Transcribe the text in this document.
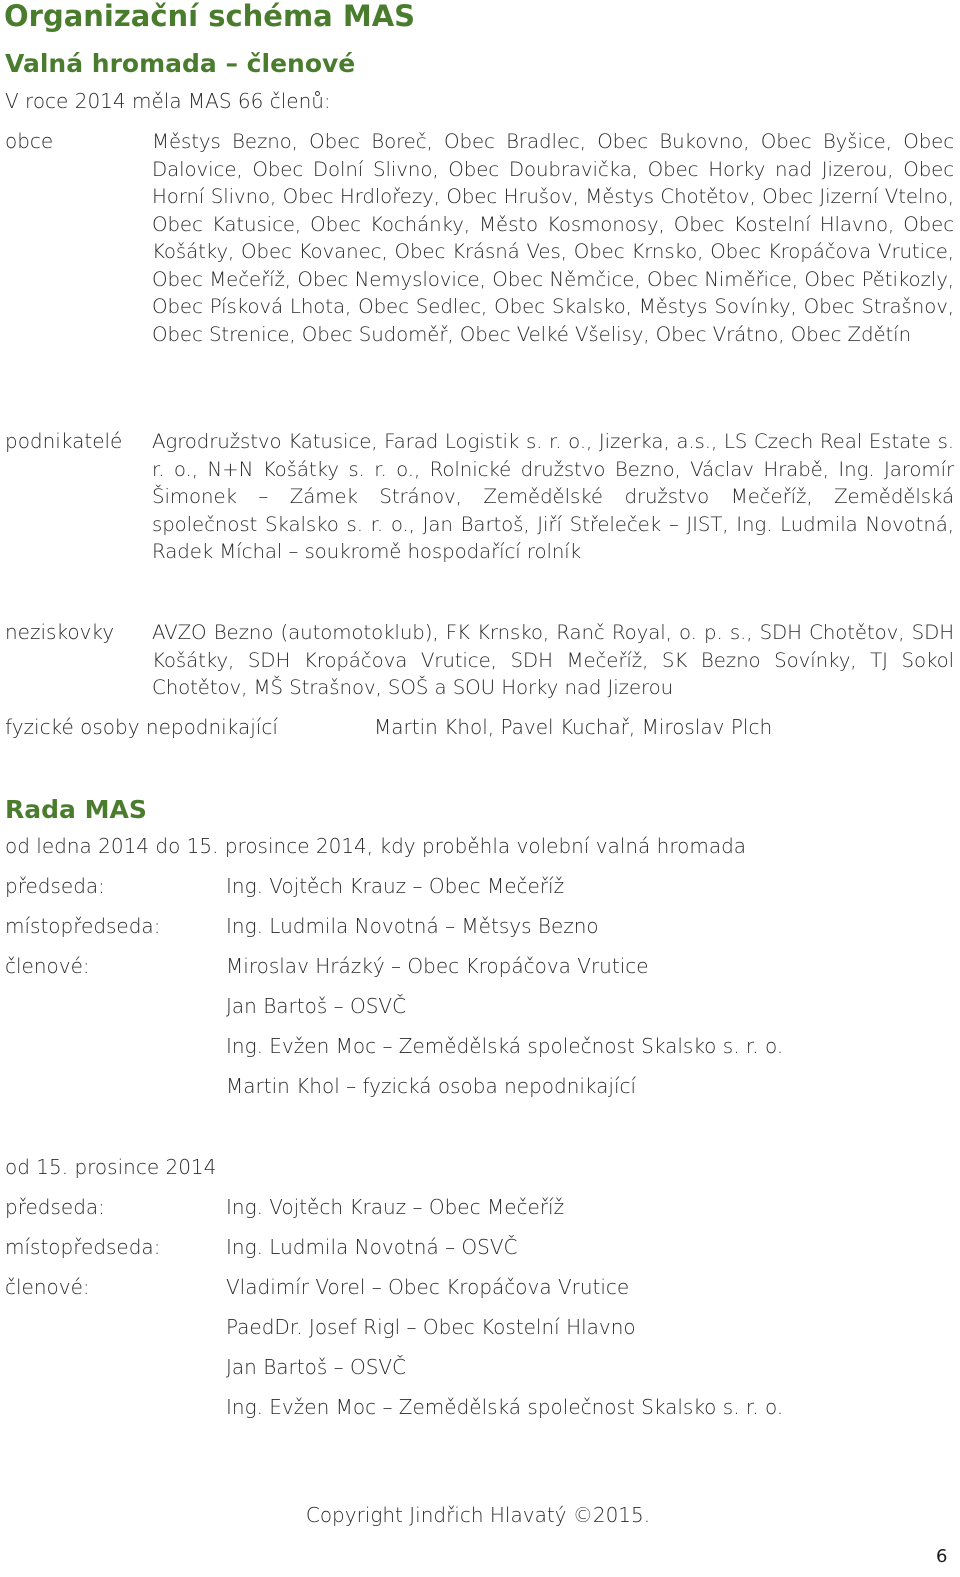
Organizační schéma MAS
Valná hromada – členové
V roce 2014 měla MAS 66 členů:
obce	Městys Bezno, Obec Boreč, Obec Bradlec, Obec Bukovno, Obec Byšice, Obec Dalovice, Obec Dolní Slivno, Obec Doubravička, Obec Horky nad Jizerou, Obec Horní Slivno, Obec Hrdlořezy, Obec Hrušov, Městys Chotětov, Obec Jizerní Vtelno, Obec Katusice, Obec Kochánky, Město Kosmonosy, Obec Kostelní Hlavno, Obec Košátky, Obec Kovanec, Obec Krásná Ves, Obec Krnsko, Obec Kropáčova Vrutice, Obec Mečeříž, Obec Nemyslovice, Obec Němčice, Obec Niměřice, Obec Pětikozly, Obec Písková Lhota, Obec Sedlec, Obec Skalsko, Městys Sovínky, Obec Strašnov, Obec Strenice, Obec Sudoměř, Obec Velké Všelisy, Obec Vrátno, Obec Zdětín
podnikatelé Agrodružstvo Katusice, Farad Logistik s. r. o., Jizerka, a.s., LS Czech Real Estate s. r. o., N+N Košátky s. r. o., Rolnické družstvo Bezno, Václav Hrabě, Ing. Jaromír Šimonek – Zámek Stránov, Zemědělské družstvo Mečeříž, Zemědělská společnost Skalsko s. r. o., Jan Bartoš, Jiří Střeleček – JIST, Ing. Ludmila Novotná, Radek Míchal – soukromě hospodařící rolník
neziskovky AVZO Bezno (automotoklub), FK Krnsko, Ranč Royal, o. p. s., SDH Chotětov, SDH Košátky, SDH Kropáčova Vrutice, SDH Mečeříž, SK Bezno Sovínky, TJ Sokol Chotětov, MŠ Strašnov, SOŠ a SOU Horky nad Jizerou
fyzické osoby nepodnikající	Martin Khol, Pavel Kuchař, Miroslav Plch
Rada MAS
od ledna 2014 do 15. prosince 2014, kdy proběhla volební valná hromada
předseda:	Ing. Vojtěch Krauz – Obec Mečeříž
místopředseda:	Ing. Ludmila Novotná – Mětsys Bezno
členové:	Miroslav Hrázký – Obec Kropáčova Vrutice
Jan Bartoš – OSVČ
Ing. Evžen Moc – Zemědělská společnost Skalsko s. r. o.
Martin Khol – fyzická osoba nepodnikající
od 15. prosince 2014
předseda:	Ing. Vojtěch Krauz – Obec Mečeříž
místopředseda:	Ing. Ludmila Novotná – OSVČ
členové:	Vladimír Vorel – Obec Kropáčova Vrutice
PaedDr. Josef Rigl – Obec Kostelní Hlavno
Jan Bartoš – OSVČ
Ing. Evžen Moc – Zemědělská společnost Skalsko s. r. o.
Copyright Jindřich Hlavatý ©2015.
6
